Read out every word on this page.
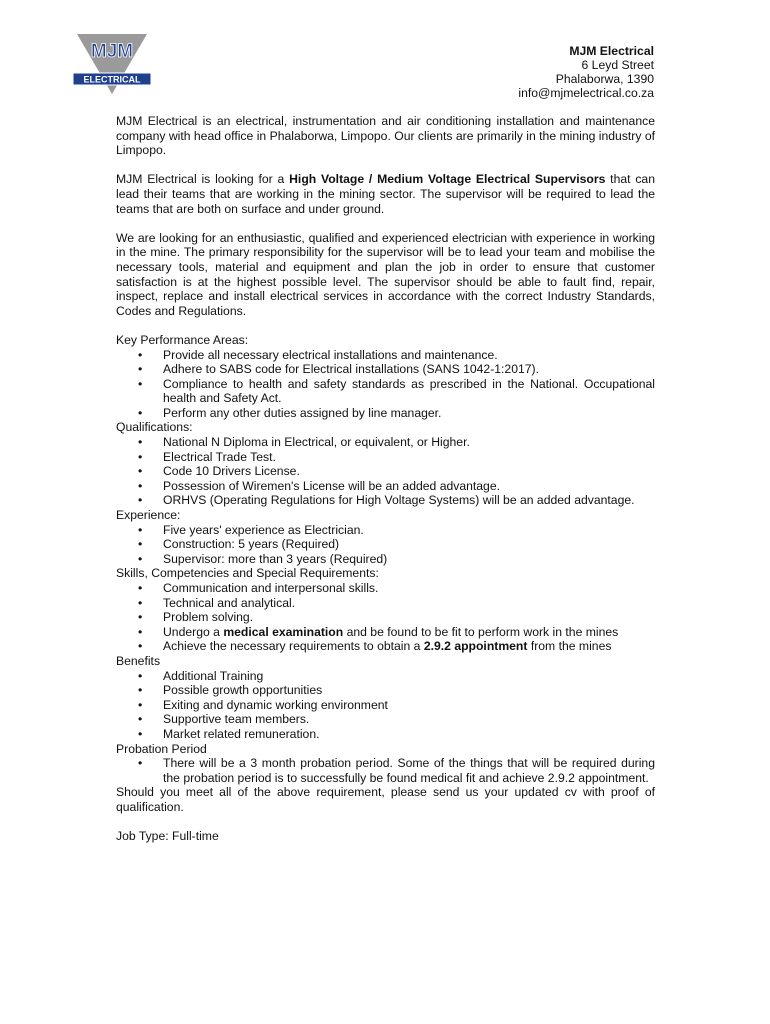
MJM
ELECTRICAL
MJM Electrical
6 Leyd Street
Phalaborwa, 1390
info@mjmelectrical.co.za

MJM Electrical is an electrical, instrumentation and air conditioning installation and maintenance company with head office in Phalaborwa, Limpopo. Our clients are primarily in the mining industry of Limpopo.

MJM Electrical is looking for a High Voltage / Medium Voltage Electrical Supervisors that can lead their teams that are working in the mining sector. The supervisor will be required to lead the teams that are both on surface and under ground.

We are looking for an enthusiastic, qualified and experienced electrician with experience in working in the mine. The primary responsibility for the supervisor will be to lead your team and mobilise the necessary tools, material and equipment and plan the job in order to ensure that customer satisfaction is at the highest possible level. The supervisor should be able to fault find, repair, inspect, replace and install electrical services in accordance with the correct Industry Standards, Codes and Regulations.

Key Performance Areas:
• Provide all necessary electrical installations and maintenance.
• Adhere to SABS code for Electrical installations (SANS 1042-1:2017).
• Compliance to health and safety standards as prescribed in the National. Occupational health and Safety Act.
• Perform any other duties assigned by line manager.
Qualifications:
• National N Diploma in Electrical, or equivalent, or Higher.
• Electrical Trade Test.
• Code 10 Drivers License.
• Possession of Wiremen's License will be an added advantage.
• ORHVS (Operating Regulations for High Voltage Systems) will be an added advantage.
Experience:
• Five years' experience as Electrician.
• Construction: 5 years (Required)
• Supervisor: more than 3 years (Required)
Skills, Competencies and Special Requirements:
• Communication and interpersonal skills.
• Technical and analytical.
• Problem solving.
• Undergo a medical examination and be found to be fit to perform work in the mines
• Achieve the necessary requirements to obtain a 2.9.2 appointment from the mines
Benefits
• Additional Training
• Possible growth opportunities
• Exiting and dynamic working environment
• Supportive team members.
• Market related remuneration.
Probation Period
• There will be a 3 month probation period. Some of the things that will be required during the probation period is to successfully be found medical fit and achieve 2.9.2 appointment.

Should you meet all of the above requirement, please send us your updated cv with proof of qualification.

Job Type: Full-time
